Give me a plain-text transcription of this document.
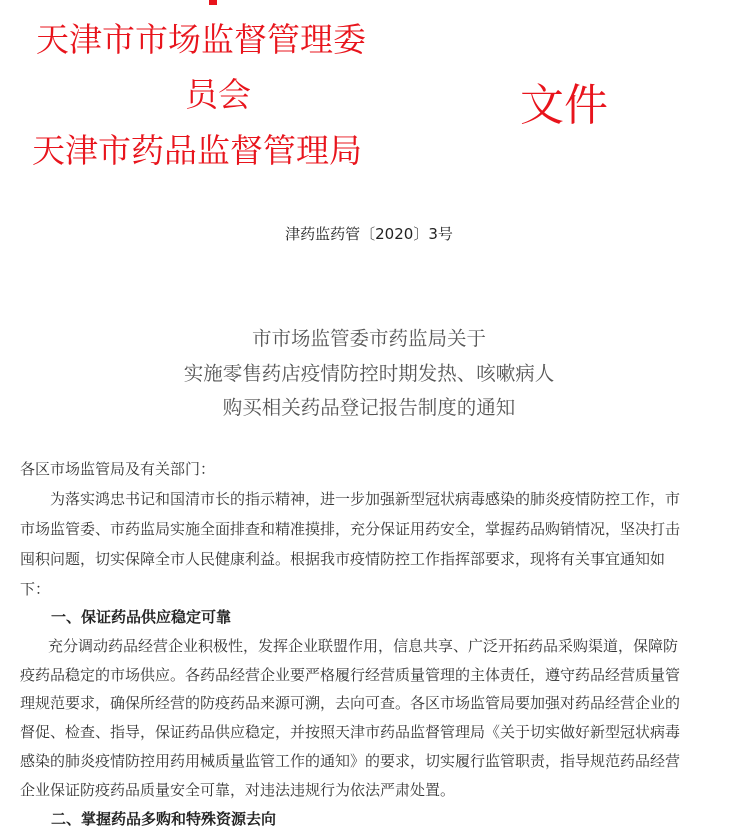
天津市市场监督管理委
员会
天津市药品监督管理局
文件
津药监药管〔2020〕3号
市市场监管委市药监局关于
实施零售药店疫情防控时期发热、咳嗽病人
购买相关药品登记报告制度的通知
各区市场监管局及有关部门：
为落实鸿忠书记和国清市长的指示精神，进一步加强新型冠状病毒感染的肺炎疫情防控工作，市
市场监管委、市药监局实施全面排查和精准摸排，充分保证用药安全，掌握药品购销情况，坚决打击
囤积问题，切实保障全市人民健康利益。根据我市疫情防控工作指挥部要求，现将有关事宜通知如
下：
一、保证药品供应稳定可靠
充分调动药品经营企业积极性，发挥企业联盟作用，信息共享、广泛开拓药品采购渠道，保障防
疫药品稳定的市场供应。各药品经营企业要严格履行经营质量管理的主体责任，遵守药品经营质量管
理规范要求，确保所经营的防疫药品来源可溯，去向可查。各区市场监管局要加强对药品经营企业的
督促、检查、指导，保证药品供应稳定，并按照天津市药品监督管理局《关于切实做好新型冠状病毒
感染的肺炎疫情防控用药用械质量监管工作的通知》的要求，切实履行监管职责，指导规范药品经营
企业保证防疫药品质量安全可靠，对违法违规行为依法严肃处置。
二、掌握药品多购和特殊资源去向
